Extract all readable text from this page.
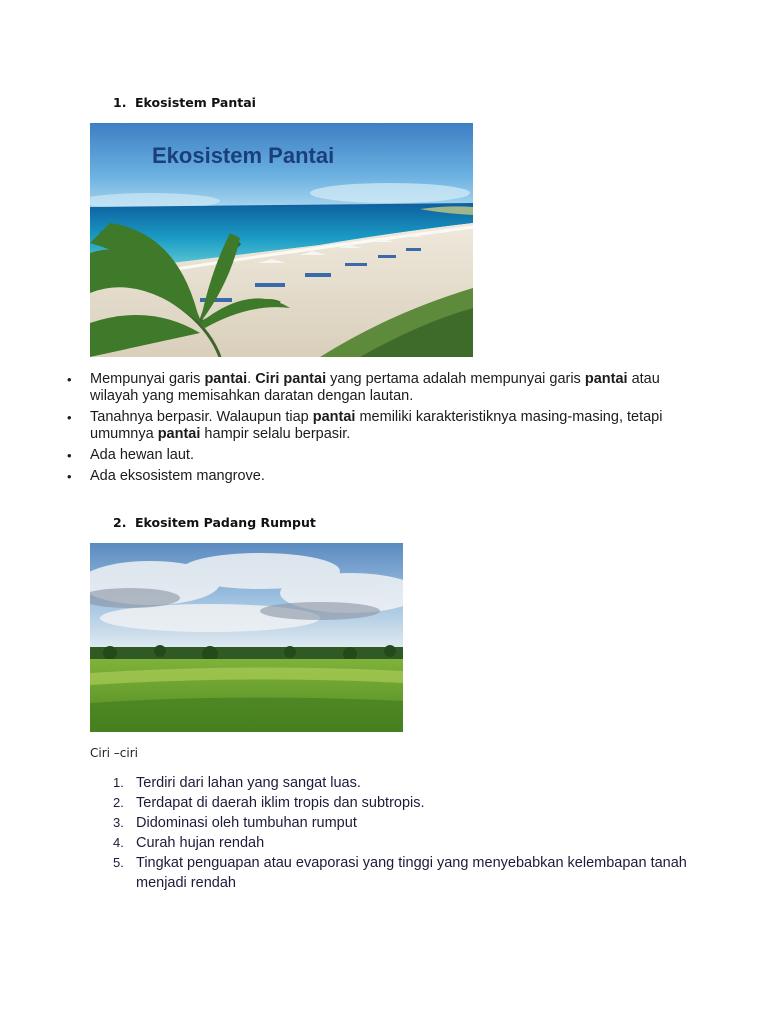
1. Ekosistem Pantai
Ekosistem Pantai
• Mempunyai garis pantai. Ciri pantai yang pertama adalah mempunyai garis pantai atau wilayah yang memisahkan daratan dengan lautan.
• Tanahnya berpasir. Walaupun tiap pantai memiliki karakteristiknya masing-masing, tetapi umumnya pantai hampir selalu berpasir.
• Ada hewan laut.
• Ada eksosistem mangrove.
2. Ekositem Padang Rumput
Ciri –ciri
1. Terdiri dari lahan yang sangat luas.
2. Terdapat di daerah iklim tropis dan subtropis.
3. Didominasi oleh tumbuhan rumput
4. Curah hujan rendah
5. Tingkat penguapan atau evaporasi yang tinggi yang menyebabkan kelembapan tanah menjadi rendah
